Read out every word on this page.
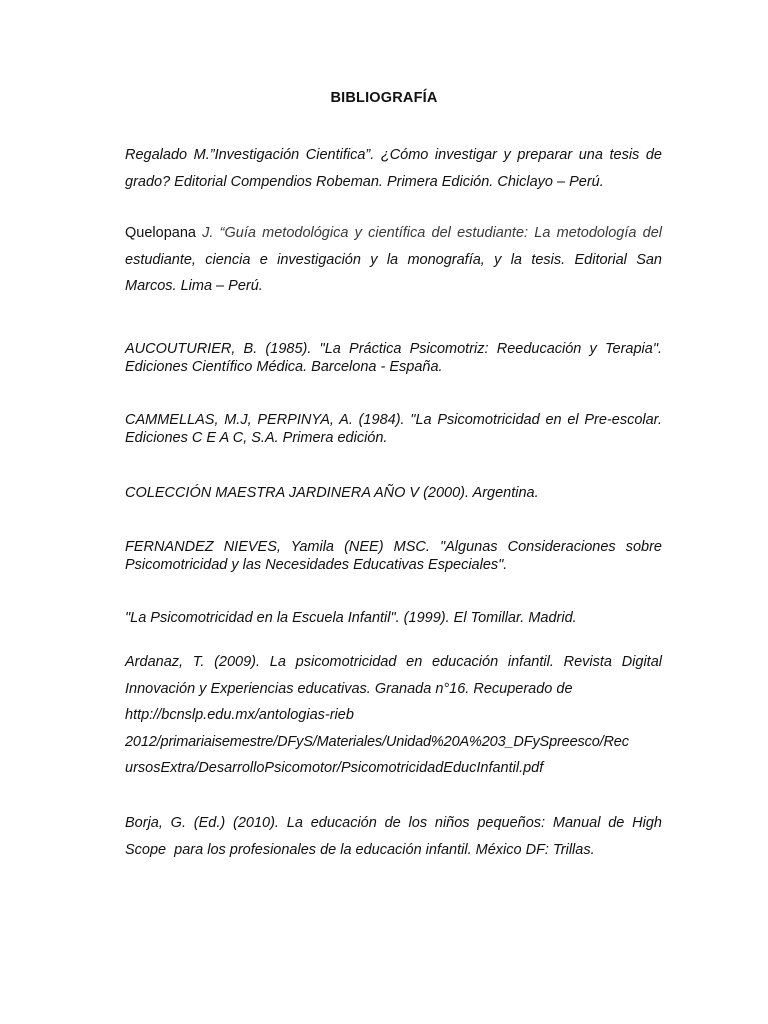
BIBLIOGRAFÍA
Regalado M.”Investigación Cientifica”. ¿Cómo investigar y preparar una tesis de
grado? Editorial Compendios Robeman. Primera Edición. Chiclayo – Perú.
Quelopana J. “Guía metodológica y científica del estudiante: La metodología del
estudiante, ciencia e investigación y la monografía, y la tesis. Editorial San
Marcos. Lima – Perú.
AUCOUTURIER, B. (1985). "La Práctica Psicomotriz: Reeducación y Terapia".
Ediciones Científico Médica. Barcelona - España.
CAMMELLAS, M.J, PERPINYA, A. (1984). "La Psicomotricidad en el Pre-escolar.
Ediciones C E A C, S.A. Primera edición.
COLECCIÓN MAESTRA JARDINERA AÑO V (2000). Argentina.
FERNANDEZ NIEVES, Yamila (NEE) MSC. "Algunas Consideraciones sobre
Psicomotricidad y las Necesidades Educativas Especiales".
"La Psicomotricidad en la Escuela Infantil". (1999). El Tomillar. Madrid.
Ardanaz, T. (2009). La psicomotricidad en educación infantil. Revista Digital
Innovación y Experiencias educativas. Granada n°16. Recuperado de
http://bcnslp.edu.mx/antologias-rieb
2012/primariaisemestre/DFyS/Materiales/Unidad%20A%203_DFySpreesco/Rec
ursosExtra/DesarrolloPsicomotor/PsicomotricidadEducInfantil.pdf
Borja, G. (Ed.) (2010). La educación de los niños pequeños: Manual de High
Scope  para los profesionales de la educación infantil. México DF: Trillas.
